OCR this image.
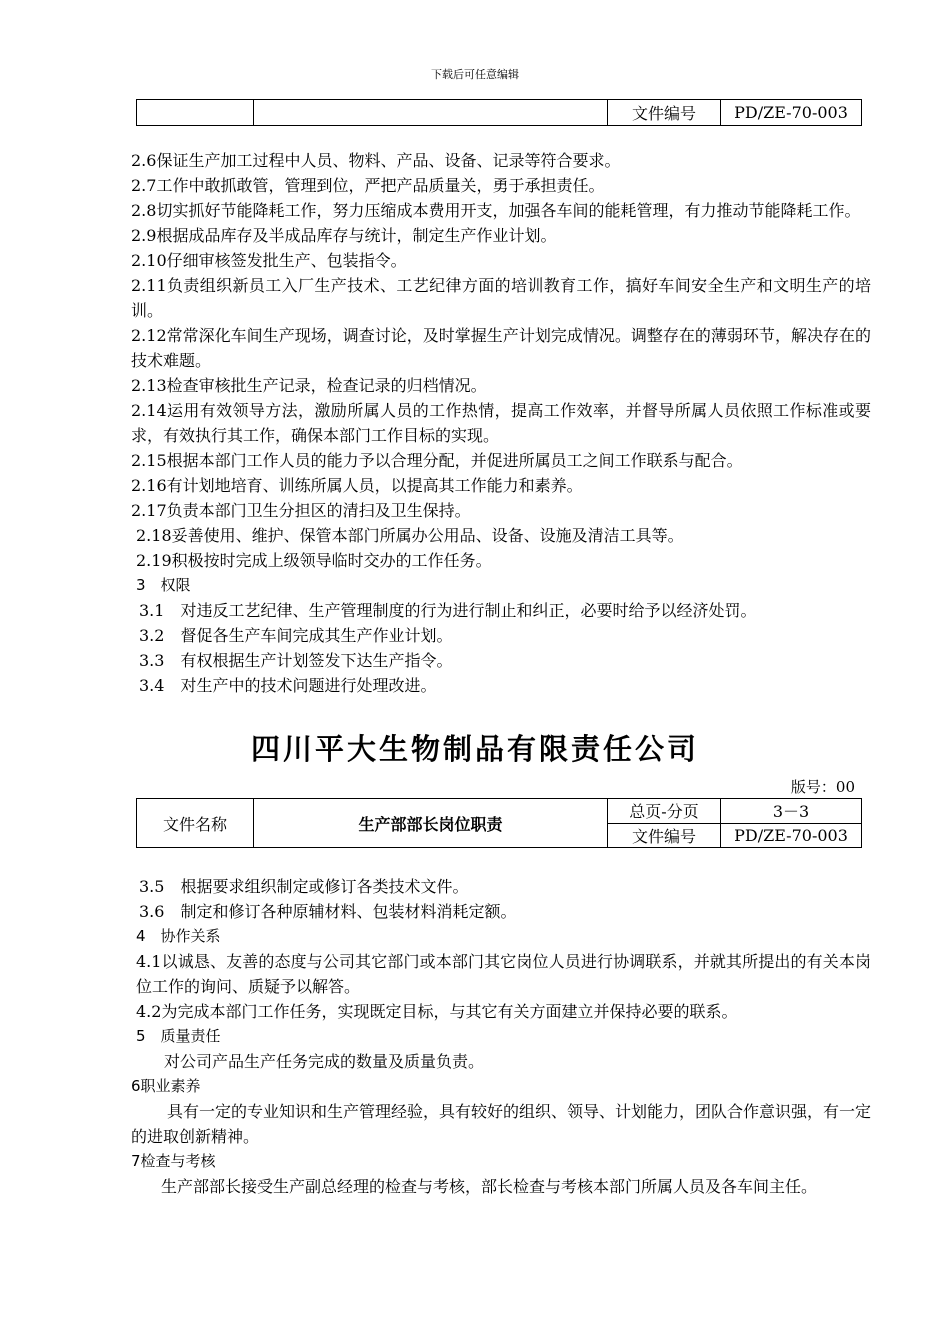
下载后可任意编辑
		文件编号	PD/ZE-70-003

2.6保证生产加工过程中人员、物料、产品、设备、记录等符合要求。

2.7工作中敢抓敢管，管理到位，严把产品质量关，勇于承担责任。

2.8切实抓好节能降耗工作，努力压缩成本费用开支，加强各车间的能耗管理，有力推动节能降耗工作。

2.9根据成品库存及半成品库存与统计，制定生产作业计划。

2.10仔细审核签发批生产、包装指令。

2.11负责组织新员工入厂生产技术、工艺纪律方面的培训教育工作，搞好车间安全生产和文明生产的培训。

2.12常常深化车间生产现场，调查讨论，及时掌握生产计划完成情况。调整存在的薄弱环节，解决存在的技术难题。

2.13检查审核批生产记录，检查记录的归档情况。

2.14运用有效领导方法，激励所属人员的工作热情，提高工作效率，并督导所属人员依照工作标准或要求，有效执行其工作，确保本部门工作目标的实现。

2.15根据本部门工作人员的能力予以合理分配，并促进所属员工之间工作联系与配合。

2.16有计划地培育、训练所属人员，以提高其工作能力和素养。

2.17负责本部门卫生分担区的清扫及卫生保持。

2.18妥善使用、维护、保管本部门所属办公用品、设备、设施及清洁工具等。

2.19积极按时完成上级领导临时交办的工作任务。

3　权限

3.1　对违反工艺纪律、生产管理制度的行为进行制止和纠正，必要时给予以经济处罚。

3.2　督促各生产车间完成其生产作业计划。

3.3　有权根据生产计划签发下达生产指令。

3.4　对生产中的技术问题进行处理改进。

四川平大生物制品有限责任公司
版号：00
文件名称	生产部部长岗位职责	总页-分页	3－3
		文件编号	PD/ZE-70-003

3.5　根据要求组织制定或修订各类技术文件。

3.6　制定和修订各种原辅材料、包装材料消耗定额。

4　协作关系

4.1以诚恳、友善的态度与公司其它部门或本部门其它岗位人员进行协调联系，并就其所提出的有关本岗位工作的询问、质疑予以解答。

4.2为完成本部门工作任务，实现既定目标，与其它有关方面建立并保持必要的联系。

5　质量责任

对公司产品生产任务完成的数量及质量负责。

6职业素养

具有一定的专业知识和生产管理经验，具有较好的组织、领导、计划能力，团队合作意识强，有一定的进取创新精神。

7检查与考核

生产部部长接受生产副总经理的检查与考核，部长检查与考核本部门所属人员及各车间主任。
